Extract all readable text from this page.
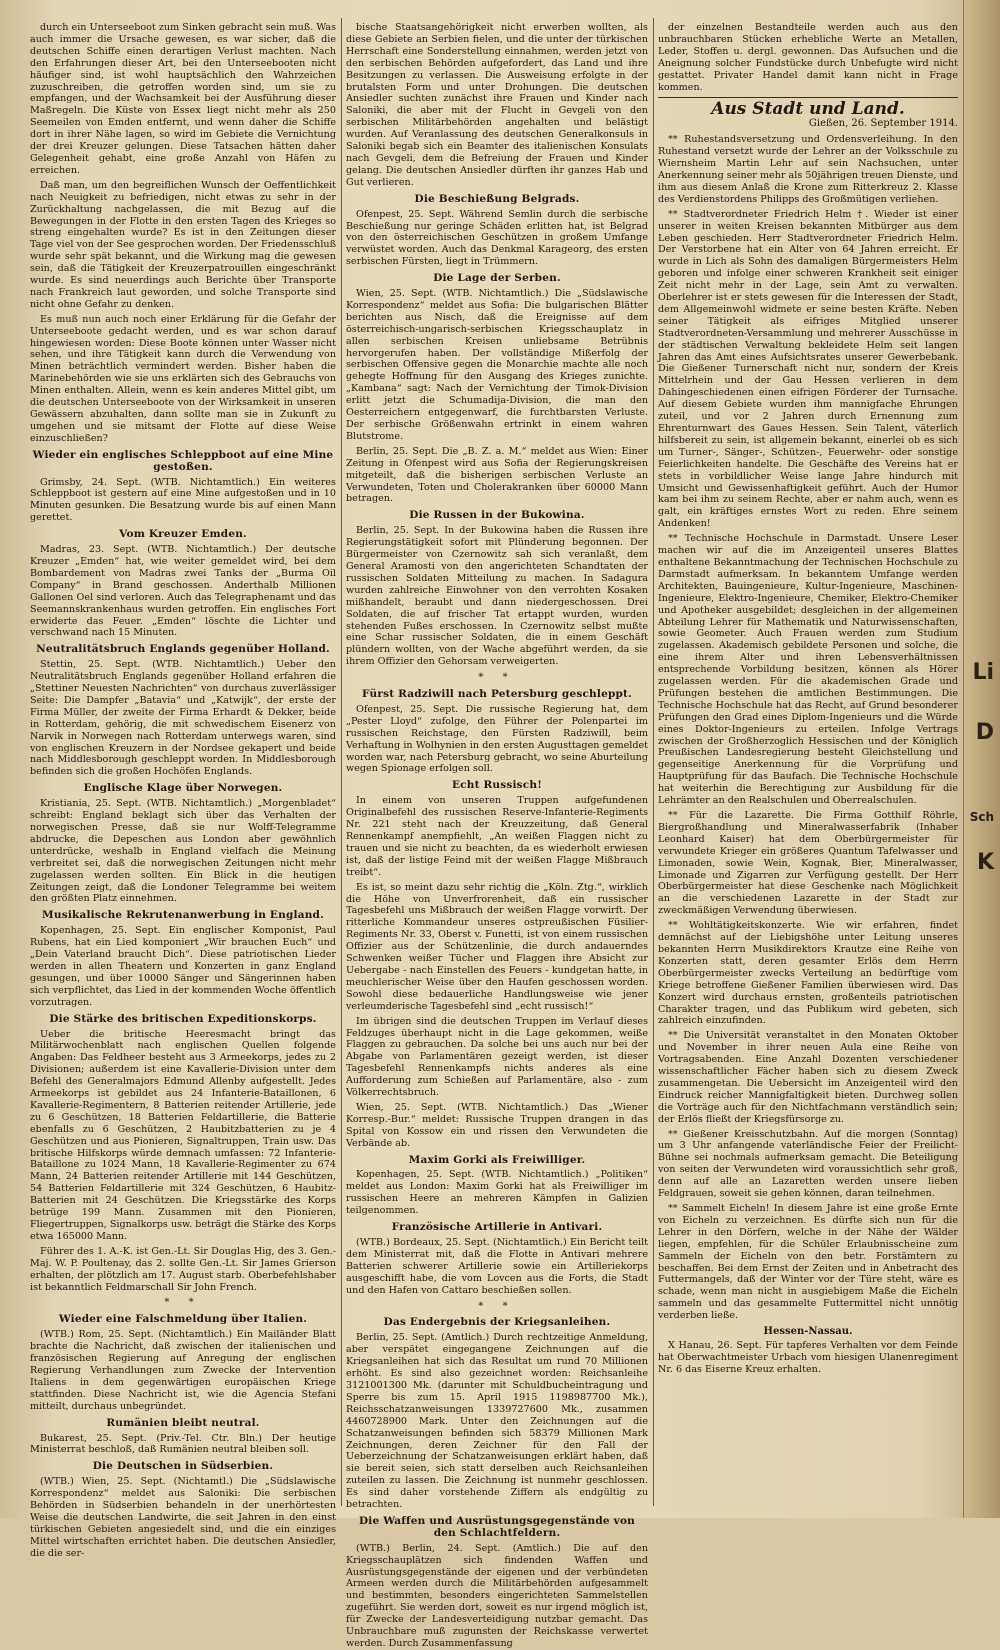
durch ein Unterseeboot zum Sinken gebracht sein muß. Was auch immer die Ursache gewesen, es war sicher, daß die deutschen Schiffe einen derartigen Verlust machten. Nach den Erfahrungen dieser Art, bei den Unterseebooten nicht häufiger sind, ist wohl hauptsächlich den Wahrzeichen zuzuschreiben, die getroffen worden sind, um sie zu empfangen, und der Wachsamkeit bei der Ausführung dieser Maßregeln. Die Küste von Essex liegt nicht mehr als 250 Seemeilen von Emden entfernt, und wenn daher die Schiffe dort in ihrer Nähe lagen, so wird im Gebiete die Vernichtung der drei Kreuzer gelungen. Diese Tatsachen hätten daher Gelegenheit gehabt, eine große Anzahl von Häfen zu erreichen.

Daß man, um den begreiflichen Wunsch der Oeffentlichkeit nach Neuigkeit zu befriedigen, nicht etwas zu sehr in der Zurückhaltung nachgelassen, die mit Bezug auf die Bewegungen in der Flotte in den ersten Tagen des Krieges so streng eingehalten wurde? Es ist in den Zeitungen dieser Tage viel von der See gesprochen worden. Der Friedensschluß wurde sehr spät bekannt, und die Wirkung mag die gewesen sein, daß die Tätigkeit der Kreuzerpatrouillen eingeschränkt wurde. Es sind neuerdings auch Berichte über Transporte nach Frankreich laut geworden, und solche Transporte sind nicht ohne Gefahr zu denken.

Es muß nun auch noch einer Erklärung für die Gefahr der Unterseeboote gedacht werden, und es war schon darauf hingewiesen worden: Diese Boote können unter Wasser nicht sehen, und ihre Tätigkeit kann durch die Verwendung von Minen beträchtlich vermindert werden. Bisher haben die Marinebehörden wie sie uns erklärten sich des Gebrauchs von Minen enthalten. Allein, wenn es kein anderes Mittel gibt, um die deutschen Unterseeboote von der Wirksamkeit in unseren Gewässern abzuhalten, dann sollte man sie in Zukunft zu umgehen und sie mitsamt der Flotte auf diese Weise einzuschließen?

Wieder ein englisches Schleppboot auf eine Mine gestoßen.

Grimsby, 24. Sept. (WTB. Nichtamtlich.) Ein weiteres Schleppboot ist gestern auf eine Mine aufgestoßen und in 10 Minuten gesunken. Die Besatzung wurde bis auf einen Mann gerettet.

Vom Kreuzer Emden.

Madras, 23. Sept. (WTB. Nichtamtlich.) Der deutsche Kreuzer „Emden“ hat, wie weiter gemeldet wird, bei dem Bombardement von Madras zwei Tanks der „Burma Oil Company“ in Brand geschossen. Anderthalb Millionen Gallonen Oel sind verloren. Auch das Telegraphenamt und das Seemannskrankenhaus wurden getroffen. Ein englisches Fort erwiderte das Feuer. „Emden“ löschte die Lichter und verschwand nach 15 Minuten.

Neutralitätsbruch Englands gegenüber Holland.

Stettin, 25. Sept. (WTB. Nichtamtlich.) Ueber den Neutralitätsbruch Englands gegenüber Holland erfahren die „Stettiner Neuesten Nachrichten“ von durchaus zuverlässiger Seite: Die Dampfer „Batavia“ und „Katwijk“, der erste der Firma Müller, der zweite der Firma Erhardt & Dekker, beide in Rotterdam, gehörig, die mit schwedischem Eisenerz von Narvik in Norwegen nach Rotterdam unterwegs waren, sind von englischen Kreuzern in der Nordsee gekapert und beide nach Middlesborough geschleppt worden. In Middlesborough befinden sich die großen Hochöfen Englands.

Englische Klage über Norwegen.

Kristiania, 25. Sept. (WTB. Nichtamtlich.) „Morgenbladet“ schreibt: England beklagt sich über das Verhalten der norwegischen Presse, daß sie nur Wolff-Telegramme abdrucke, die Depeschen aus London aber gewöhnlich unterdrücke, weshalb in England vielfach die Meinung verbreitet sei, daß die norwegischen Zeitungen nicht mehr zugelassen werden sollten. Ein Blick in die heutigen Zeitungen zeigt, daß die Londoner Telegramme bei weitem den größten Platz einnehmen.

Musikalische Rekrutenanwerbung in England.

Kopenhagen, 25. Sept. Ein englischer Komponist, Paul Rubens, hat ein Lied komponiert „Wir brauchen Euch“ und „Dein Vaterland braucht Dich“. Diese patriotischen Lieder werden in allen Theatern und Konzerten in ganz England gesungen, und über 10000 Sänger und Sängerinnen haben sich verpflichtet, das Lied in der kommenden Woche öffentlich vorzutragen.

Die Stärke des britischen Expeditionskorps.

Ueber die britische Heeresmacht bringt das Militärwochenblatt nach englischen Quellen folgende Angaben: Das Feldheer besteht aus 3 Armeekorps, jedes zu 2 Divisionen; außerdem ist eine Kavallerie-Division unter dem Befehl des Generalmajors Edmund Allenby aufgestellt. Jedes Armeekorps ist gebildet aus 24 Infanterie-Bataillonen, 6 Kavallerie-Regimentern, 8 Batterien reitender Artillerie, jede zu 6 Geschützen, 18 Batterien Feldartillerie, die Batterie ebenfalls zu 6 Geschützen, 2 Haubitzbatterien zu je 4 Geschützen und aus Pionieren, Signaltruppen, Train usw. Das britische Hilfskorps würde demnach umfassen: 72 Infanterie-Bataillone zu 1024 Mann, 18 Kavallerie-Regimenter zu 674 Mann, 24 Batterien reitender Artillerie mit 144 Geschützen, 54 Batterien Feldartillerie mit 324 Geschützen, 6 Haubitz-Batterien mit 24 Geschützen. Die Kriegsstärke des Korps betrüge 199 Mann. Zusammen mit den Pionieren, Fliegertruppen, Signalkorps usw. beträgt die Stärke des Korps etwa 165000 Mann.

Führer des 1. A.-K. ist Gen.-Lt. Sir Douglas Hig, des 3. Gen.-Maj. W. P. Poultenay, das 2. sollte Gen.-Lt. Sir James Grierson erhalten, der plötzlich am 17. August starb. Oberbefehlshaber ist bekanntlich Feldmarschall Sir John French.

* *
Wieder eine Falschmeldung über Italien.

(WTB.) Rom, 25. Sept. (Nichtamtlich.) Ein Mailänder Blatt brachte die Nachricht, daß zwischen der italienischen und französischen Regierung auf Anregung der englischen Regierung Verhandlungen zum Zwecke der Intervention Italiens in dem gegenwärtigen europäischen Kriege stattfinden. Diese Nachricht ist, wie die Agencia Stefani mitteilt, durchaus unbegründet.

Rumänien bleibt neutral.

Bukarest, 25. Sept. (Priv.-Tel. Ctr. Bln.) Der heutige Ministerrat beschloß, daß Rumänien neutral bleiben soll.

Die Deutschen in Südserbien.

(WTB.) Wien, 25. Sept. (Nichtamtl.) Die „Südslawische Korrespondenz“ meldet aus Saloniki: Die serbischen Behörden in Südserbien behandeln in der unerhörtesten Weise die deutschen Landwirte, die seit Jahren in den einst türkischen Gebieten angesiedelt sind, und die ein einziges Mittel wirtschaften errichtet haben. Die deutschen Ansiedler, die die ser-

bische Staatsangehörigkeit nicht erwerben wollten, als diese Gebiete an Serbien fielen, und die unter der türkischen Herrschaft eine Sonderstellung einnahmen, werden jetzt von den serbischen Behörden aufgefordert, das Land und ihre Besitzungen zu verlassen. Die Ausweisung erfolgte in der brutalsten Form und unter Drohungen. Die deutschen Ansiedler suchten zunächst ihre Frauen und Kinder nach Saloniki, die aber mit der Flucht in Gevgeli von den serbischen Militärbehörden angehalten und belästigt wurden. Auf Veranlassung des deutschen Generalkonsuls in Saloniki begab sich ein Beamter des italienischen Konsulats nach Gevgeli, dem die Befreiung der Frauen und Kinder gelang. Die deutschen Ansiedler dürften ihr ganzes Hab und Gut verlieren.

Die Beschießung Belgrads.

Ofenpest, 25. Sept. Während Semlin durch die serbische Beschießung nur geringe Schäden erlitten hat, ist Belgrad von den österreichischen Geschützen in großem Umfange verwüstet worden. Auch das Denkmal Karageorg, des ersten serbischen Fürsten, liegt in Trümmern.

Die Lage der Serben.

Wien, 25. Sept. (WTB. Nichtamtlich.) Die „Südslawische Korrespondenz“ meldet aus Sofia: Die bulgarischen Blätter berichten aus Nisch, daß die Ereignisse auf dem österreichisch-ungarisch-serbischen Kriegsschauplatz in allen serbischen Kreisen unliebsame Betrübnis hervorgerufen haben. Der vollständige Mißerfolg der serbischen Offensive gegen die Monarchie machte alle noch gehegte Hoffnung für den Ausgang des Krieges zunichte. „Kambana“ sagt: Nach der Vernichtung der Timok-Division erlitt jetzt die Schumadija-Division, die man den Oesterreichern entgegenwarf, die furchtbarsten Verluste. Der serbische Größenwahn ertrinkt in einem wahren Blutstrome.

Berlin, 25. Sept. Die „B. Z. a. M.“ meldet aus Wien: Einer Zeitung in Ofenpest wird aus Sofia der Regierungskreisen mitgeteilt, daß die bisherigen serbischen Verluste an Verwundeten, Toten und Cholerakranken über 60000 Mann betragen.

Die Russen in der Bukowina.

Berlin, 25. Sept. In der Bukowina haben die Russen ihre Regierungstätigkeit sofort mit Plünderung begonnen. Der Bürgermeister von Czernowitz sah sich veranlaßt, dem General Aramosti von den angerichteten Schandtaten der russischen Soldaten Mitteilung zu machen. In Sadagura wurden zahlreiche Einwohner von den verrohten Kosaken mißhandelt, beraubt und dann niedergeschossen. Drei Soldaten, die auf frischer Tat ertappt wurden, wurden stehenden Fußes erschossen. In Czernowitz selbst mußte eine Schar russischer Soldaten, die in einem Geschäft plündern wollten, von der Wache abgeführt werden, da sie ihrem Offizier den Gehorsam verweigerten.

* *
Fürst Radziwill nach Petersburg geschleppt.

Ofenpest, 25. Sept. Die russische Regierung hat, dem „Pester Lloyd“ zufolge, den Führer der Polenpartei im russischen Reichstage, den Fürsten Radziwill, beim Verhaftung in Wolhynien in den ersten Augusttagen gemeldet worden war, nach Petersburg gebracht, wo seine Aburteilung wegen Spionage erfolgen soll.

Echt Russisch!

In einem von unseren Truppen aufgefundenen Originalbefehl des russischen Reserve-Infanterie-Regiments Nr. 221 steht nach der Kreuzzeitung, daß General Rennenkampf anempfiehlt, „An weißen Flaggen nicht zu trauen und sie nicht zu beachten, da es wiederholt erwiesen ist, daß der listige Feind mit der weißen Flagge Mißbrauch treibt“.

Es ist, so meint dazu sehr richtig die „Köln. Ztg.“, wirklich die Höhe von Unverfrorenheit, daß ein russischer Tagesbefehl uns Mißbrauch der weißen Flagge vorwirft. Der ritterliche Kommandeur unseres ostpreußischen Füsilier-Regiments Nr. 33, Oberst v. Funetti, ist von einem russischen Offizier aus der Schützenlinie, die durch andauerndes Schwenken weißer Tücher und Flaggen ihre Absicht zur Uebergabe - nach Einstellen des Feuers - kundgetan hatte, in meuchlerischer Weise über den Haufen geschossen worden. Sowohl diese bedauerliche Handlungsweise wie jener verleumderische Tagesbefehl sind „echt russisch!“

Im übrigen sind die deutschen Truppen im Verlauf dieses Feldzuges überhaupt nicht in die Lage gekommen, weiße Flaggen zu gebrauchen. Da solche bei uns auch nur bei der Abgabe von Parlamentären gezeigt werden, ist dieser Tagesbefehl Rennenkampfs nichts anderes als eine Aufforderung zum Schießen auf Parlamentäre, also - zum Völkerrechtsbruch.

Wien, 25. Sept. (WTB. Nichtamtlich.) Das „Wiener Korresp.-Bur.“ meldet: Russische Truppen drangen in das Spital von Kossow ein und rissen den Verwundeten die Verbände ab.

Maxim Gorki als Freiwilliger.

Kopenhagen, 25. Sept. (WTB. Nichtamtlich.) „Politiken“ meldet aus London: Maxim Gorki hat als Freiwilliger im russischen Heere an mehreren Kämpfen in Galizien teilgenommen.

Französische Artillerie in Antivari.

(WTB.) Bordeaux, 25. Sept. (Nichtamtlich.) Ein Bericht teilt dem Ministerrat mit, daß die Flotte in Antivari mehrere Batterien schwerer Artillerie sowie ein Artilleriekorps ausgeschifft habe, die vom Lovcen aus die Forts, die Stadt und den Hafen von Cattaro beschießen sollen.

* *
Das Endergebnis der Kriegsanleihen.

Berlin, 25. Sept. (Amtlich.) Durch rechtzeitige Anmeldung, aber verspätet eingegangene Zeichnungen auf die Kriegsanleihen hat sich das Resultat um rund 70 Millionen erhöht. Es sind also gezeichnet worden: Reichsanleihe 3121001300 Mk. (darunter mit Schuldbucheintragung und Sperre bis zum 15. April 1915 1198987700 Mk.), Reichsschatzanweisungen 1339727600 Mk., zusammen 4460728900 Mark. Unter den Zeichnungen auf die Schatzanweisungen befinden sich 58379 Millionen Mark Zeichnungen, deren Zeichner für den Fall der Ueberzeichnung der Schatzanweisungen erklärt haben, daß sie bereit seien, sich statt derselben auch Reichsanleihen zuteilen zu lassen. Die Zeichnung ist nunmehr geschlossen. Es sind daher vorstehende Ziffern als endgültig zu betrachten.

Die Waffen und Ausrüstungsgegenstände von den Schlachtfeldern.

(WTB.) Berlin, 24. Sept. (Amtlich.) Die auf den Kriegsschauplätzen sich findenden Waffen und Ausrüstungsgegenstände der eigenen und der verbündeten Armeen werden durch die Militärbehörden aufgesammelt und bestimmten, besonders eingerichteten Sammelstellen zugeführt. Sie werden dort, soweit es nur irgend möglich ist, für Zwecke der Landesverteidigung nutzbar gemacht. Das Unbrauchbare muß zugunsten der Reichskasse verwertet werden. Durch Zusammenfassung

der einzelnen Bestandteile werden auch aus den unbrauchbaren Stücken erhebliche Werte an Metallen, Leder, Stoffen u. dergl. gewonnen. Das Aufsuchen und die Aneignung solcher Fundstücke durch Unbefugte wird nicht gestattet. Privater Handel damit kann nicht in Frage kommen.

Aus Stadt und Land.
Gießen, 26. September 1914.

** Ruhestandsversetzung und Ordensverleihung. In den Ruhestand versetzt wurde der Lehrer an der Volksschule zu Wiernsheim Martin Lehr auf sein Nachsuchen, unter Anerkennung seiner mehr als 50jährigen treuen Dienste, und ihm aus diesem Anlaß die Krone zum Ritterkreuz 2. Klasse des Verdienstordens Philipps des Großmütigen verliehen.

** Stadtverordneter Friedrich Helm †. Wieder ist einer unserer in weiten Kreisen bekannten Mitbürger aus dem Leben geschieden. Herr Stadtverordneter Friedrich Helm. Der Verstorbene hat ein Alter von 64 Jahren erreicht. Er wurde in Lich als Sohn des damaligen Bürgermeisters Helm geboren und infolge einer schweren Krankheit seit einiger Zeit nicht mehr in der Lage, sein Amt zu verwalten. Oberlehrer ist er stets gewesen für die Interessen der Stadt, dem Allgemeinwohl widmete er seine besten Kräfte. Neben seiner Tätigkeit als eifriges Mitglied unserer Stadtverordneten-Versammlung und mehrerer Ausschüsse in der städtischen Verwaltung bekleidete Helm seit langen Jahren das Amt eines Aufsichtsrates unserer Gewerbebank. Die Gießener Turnerschaft nicht nur, sondern der Kreis Mittelrhein und der Gau Hessen verlieren in dem Dahingeschiedenen einen eifrigen Förderer der Turnsache. Auf diesem Gebiete wurden ihm mannigfache Ehrungen zuteil, und vor 2 Jahren durch Ernennung zum Ehrenturnwart des Gaues Hessen. Sein Talent, väterlich hilfsbereit zu sein, ist allgemein bekannt, einerlei ob es sich um Turner-, Sänger-, Schützen-, Feuerwehr- oder sonstige Feierlichkeiten handelte. Die Geschäfte des Vereins hat er stets in vorbildlicher Weise lange Jahre hindurch mit Umsicht und Gewissenhaftigkeit geführt. Auch der Humor kam bei ihm zu seinem Rechte, aber er nahm auch, wenn es galt, ein kräftiges ernstes Wort zu reden. Ehre seinem Andenken!

** Technische Hochschule in Darmstadt. Unsere Leser machen wir auf die im Anzeigenteil unseres Blattes enthaltene Bekanntmachung der Technischen Hochschule zu Darmstadt aufmerksam. In bekanntem Umfange werden Architekten, Bauingenieure, Kultur-Ingenieure, Maschinen-Ingenieure, Elektro-Ingenieure, Chemiker, Elektro-Chemiker und Apotheker ausgebildet; desgleichen in der allgemeinen Abteilung Lehrer für Mathematik und Naturwissenschaften, sowie Geometer. Auch Frauen werden zum Studium zugelassen. Akademisch gebildete Personen und solche, die eine ihrem Alter und ihren Lebensverhältnissen entsprechende Vorbildung besitzen, können als Hörer zugelassen werden. Für die akademischen Grade und Prüfungen bestehen die amtlichen Bestimmungen. Die Technische Hochschule hat das Recht, auf Grund besonderer Prüfungen den Grad eines Diplom-Ingenieurs und die Würde eines Doktor-Ingenieurs zu erteilen. Infolge Vertrags zwischen der Großherzoglich Hessischen und der Königlich Preußischen Landesregierung besteht Gleichstellung und gegenseitige Anerkennung für die Vorprüfung und Hauptprüfung für das Baufach. Die Technische Hochschule hat weiterhin die Berechtigung zur Ausbildung für die Lehrämter an den Realschulen und Oberrealschulen.

** Für die Lazarette. Die Firma Gotthilf Röhrle, Biergroßhandlung und Mineralwasserfabrik (Inhaber Leonhard Kaiser) hat dem Oberbürgermeister für verwundete Krieger ein größeres Quantum Tafelwasser und Limonaden, sowie Wein, Kognak, Bier, Mineralwasser, Limonade und Zigarren zur Verfügung gestellt. Der Herr Oberbürgermeister hat diese Geschenke nach Möglichkeit an die verschiedenen Lazarette in der Stadt zur zweckmäßigen Verwendung überwiesen.

** Wohltätigkeitskonzerte. Wie wir erfahren, findet demnächst auf der Liebigshöhe unter Leitung unseres bekannten Herrn Musikdirektors Krautze eine Reihe von Konzerten statt, deren gesamter Erlös dem Herrn Oberbürgermeister zwecks Verteilung an bedürftige vom Kriege betroffene Gießener Familien überwiesen wird. Das Konzert wird durchaus ernsten, großenteils patriotischen Charakter tragen, und das Publikum wird gebeten, sich zahlreich einzufinden.

** Die Universität veranstaltet in den Monaten Oktober und November in ihrer neuen Aula eine Reihe von Vortragsabenden. Eine Anzahl Dozenten verschiedener wissenschaftlicher Fächer haben sich zu diesem Zweck zusammengetan. Die Uebersicht im Anzeigenteil wird den Eindruck reicher Mannigfaltigkeit bieten. Durchweg sollen die Vorträge auch für den Nichtfachmann verständlich sein; der Erlös fließt der Kriegsfürsorge zu.

** Gießener Kreisschutzbahn. Auf die morgen (Sonntag) um 3 Uhr anfangende vaterländische Feier der Freilicht-Bühne sei nochmals aufmerksam gemacht. Die Beteiligung von seiten der Verwundeten wird voraussichtlich sehr groß, denn auf alle an Lazaretten werden unsere lieben Feldgrauen, soweit sie gehen können, daran teilnehmen.

** Sammelt Eicheln! In diesem Jahre ist eine große Ernte von Eicheln zu verzeichnen. Es dürfte sich nun für die Lehrer in den Dörfern, welche in der Nähe der Wälder liegen, empfehlen, für die Schüler Erlaubnisscheine zum Sammeln der Eicheln von den betr. Forstämtern zu beschaffen. Bei dem Ernst der Zeiten und in Anbetracht des Futtermangels, daß der Winter vor der Türe steht, wäre es schade, wenn man nicht in ausgiebigem Maße die Eicheln sammeln und das gesammelte Futtermittel nicht unnötig verderben ließe.

Hessen-Nassau.

X Hanau, 26. Sept. Für tapferes Verhalten vor dem Feinde hat Oberwachtmeister Urbach vom hiesigen Ulanenregiment Nr. 6 das Eiserne Kreuz erhalten.

Li
D
K
Sch
